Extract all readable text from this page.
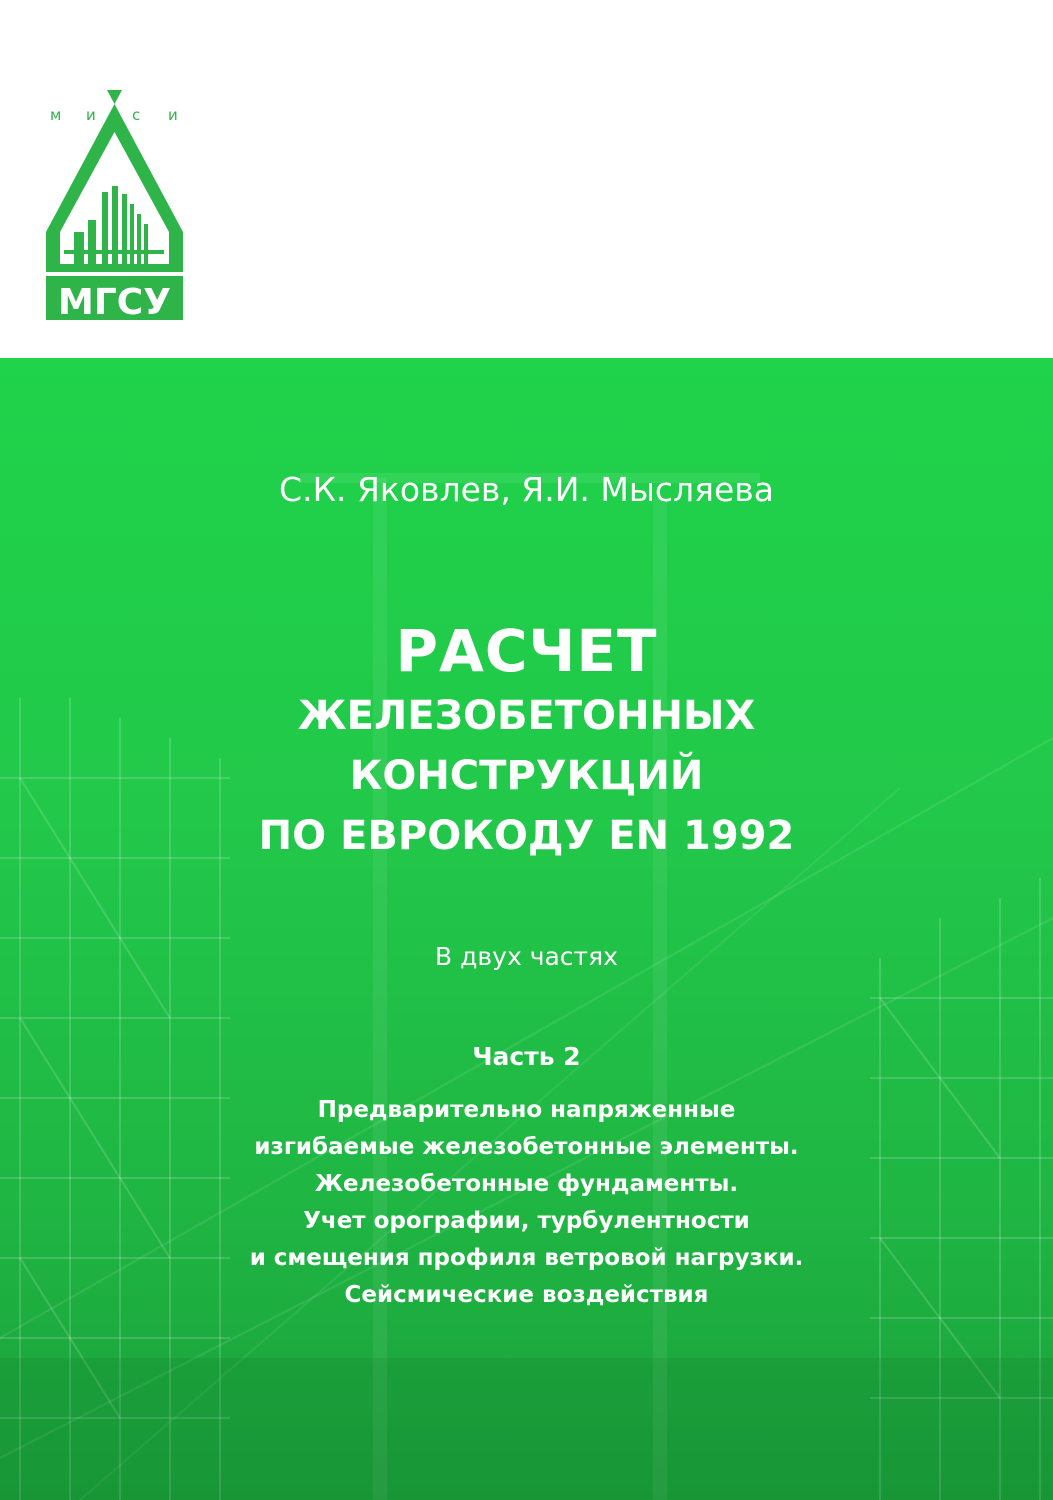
м и с и
МГСУ

С.К. Яковлев, Я.И. Мысляева

РАСЧЕТ
ЖЕЛЕЗОБЕТОННЫХ
КОНСТРУКЦИЙ
ПО ЕВРОКОДУ EN 1992

В двух частях

Часть 2

Предварительно напряженные
изгибаемые железобетонные элементы.
Железобетонные фундаменты.
Учет орографии, турбулентности
и смещения профиля ветровой нагрузки.
Сейсмические воздействия
